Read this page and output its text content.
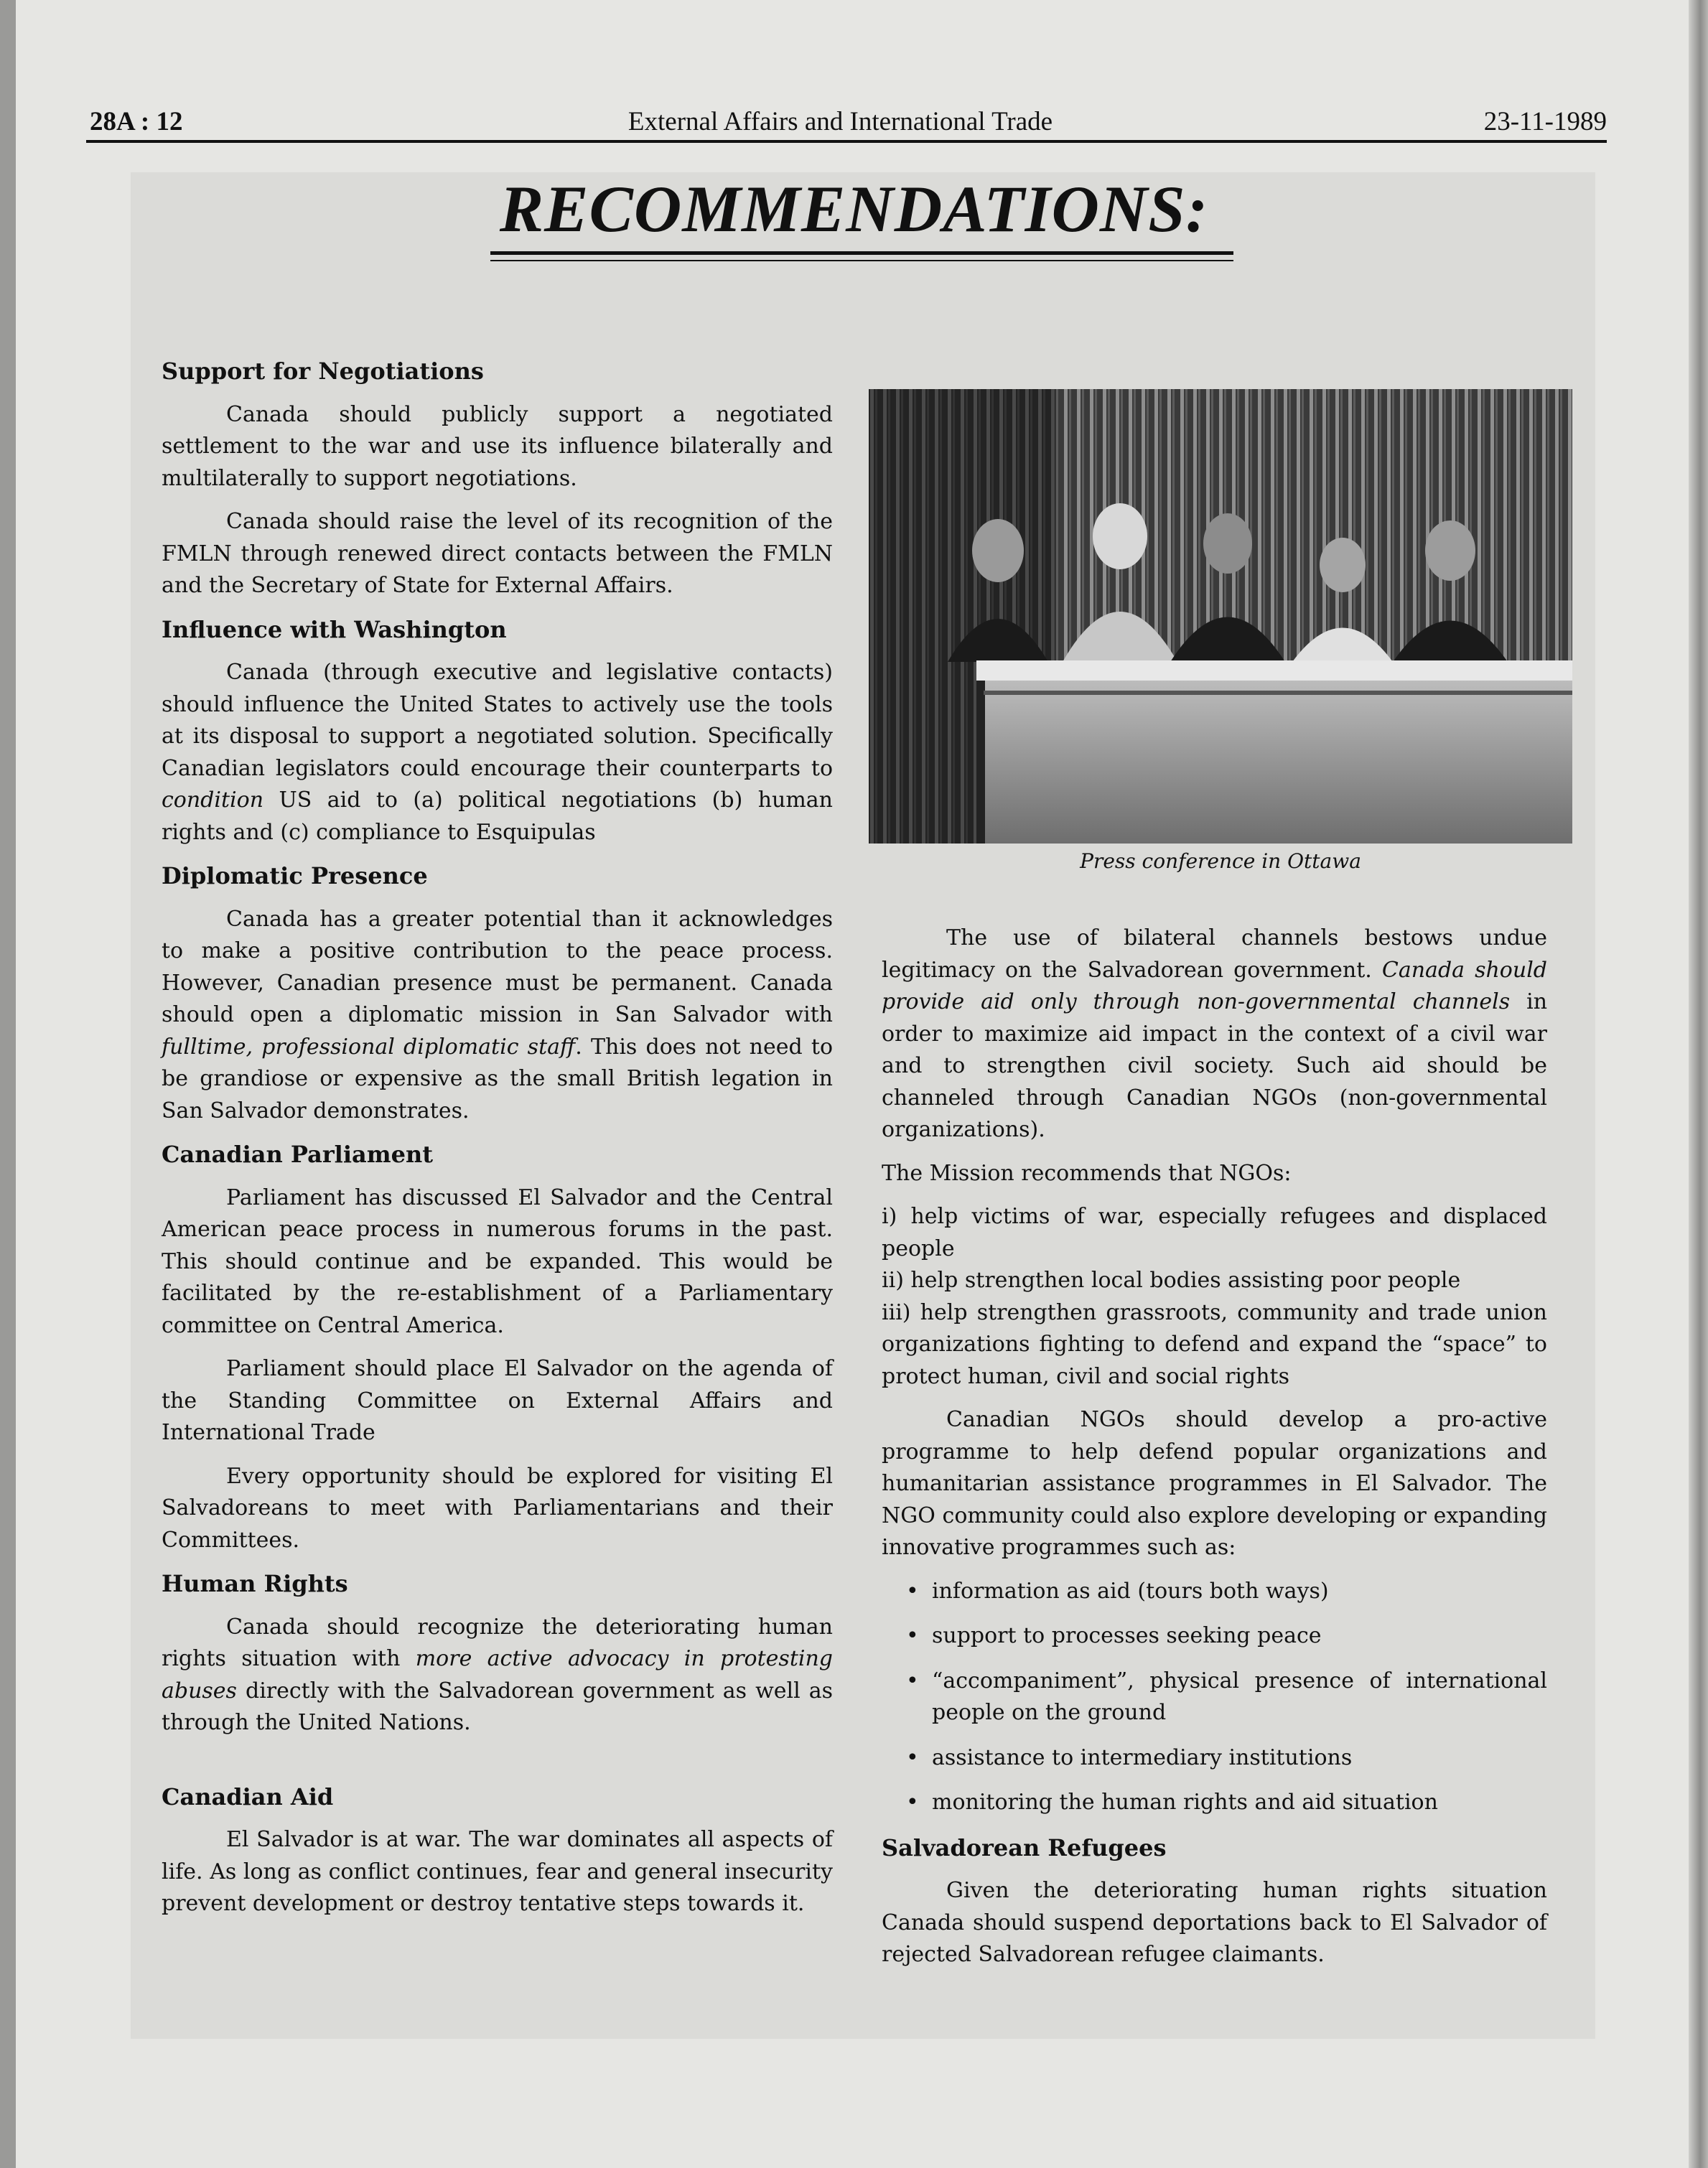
28A : 12	External Affairs and International Trade	23-11-1989
RECOMMENDATIONS:
Support for Negotiations

Canada should publicly support a negotiated settlement to the war and use its influence bilaterally and multilaterally to support negotiations.

Canada should raise the level of its recognition of the FMLN through renewed direct contacts between the FMLN and the Secretary of State for External Affairs.

Influence with Washington

Canada (through executive and legislative contacts) should influence the United States to actively use the tools at its disposal to support a negotiated solution. Specifically Canadian legislators could encourage their counterparts to condition US aid to (a) political negotiations (b) human rights and (c) compliance to Esquipulas

Diplomatic Presence

Canada has a greater potential than it acknowledges to make a positive contribution to the peace process. However, Canadian presence must be permanent. Canada should open a diplomatic mission in San Salvador with fulltime, professional diplomatic staff. This does not need to be grandiose or expensive as the small British legation in San Salvador demonstrates.

Canadian Parliament

Parliament has discussed El Salvador and the Central American peace process in numerous forums in the past. This should continue and be expanded. This would be facilitated by the re-establishment of a Parliamentary committee on Central America.

Parliament should place El Salvador on the agenda of the Standing Committee on External Affairs and International Trade

Every opportunity should be explored for visiting El Salvadoreans to meet with Parliamentarians and their Committees.

Human Rights

Canada should recognize the deteriorating human rights situation with more active advocacy in protesting abuses directly with the Salvadorean government as well as through the United Nations.

Canadian Aid

El Salvador is at war. The war dominates all aspects of life. As long as conflict continues, fear and general insecurity prevent development or destroy tentative steps towards it.

Press conference in Ottawa

The use of bilateral channels bestows undue legitimacy on the Salvadorean government. Canada should provide aid only through non-governmental channels in order to maximize aid impact in the context of a civil war and to strengthen civil society. Such aid should be channeled through Canadian NGOs (non-governmental organizations).

The Mission recommends that NGOs:

i) help victims of war, especially refugees and displaced people

ii) help strengthen local bodies assisting poor people

iii) help strengthen grassroots, community and trade union organizations fighting to defend and expand the “space” to protect human, civil and social rights

Canadian NGOs should develop a pro-active programme to help defend popular organizations and humanitarian assistance programmes in El Salvador. The NGO community could also explore developing or expanding innovative programmes such as:

• information as aid (tours both ways)
• support to processes seeking peace
• “accompaniment”, physical presence of international people on the ground
• assistance to intermediary institutions
• monitoring the human rights and aid situation
Salvadorean Refugees

Given the deteriorating human rights situation Canada should suspend deportations back to El Salvador of rejected Salvadorean refugee claimants.
